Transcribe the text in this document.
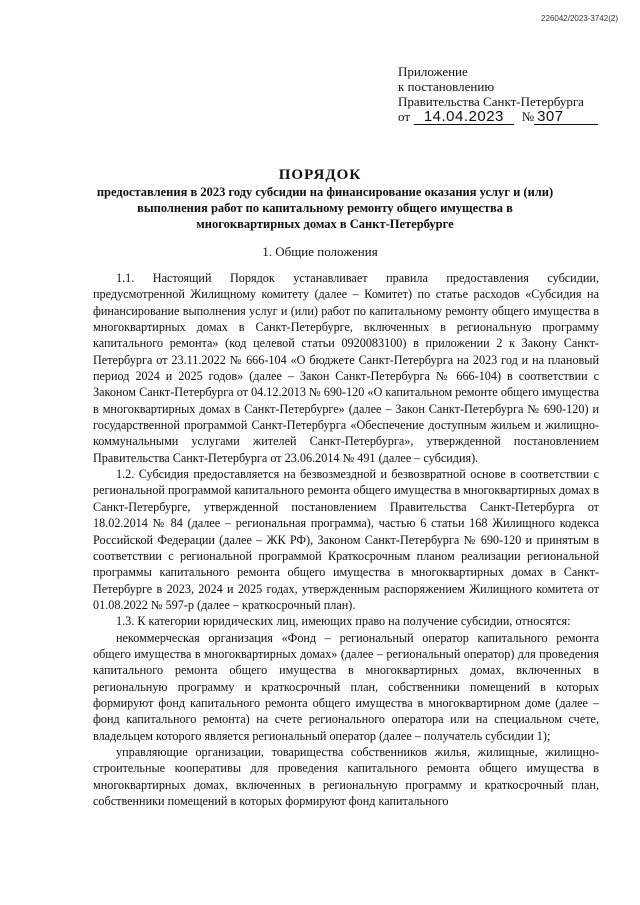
226042/2023-3742(2)
Приложение
к постановлению
Правительства Санкт-Петербурга
от 14.04.2023	№ 307
ПОРЯДОК
предоставления в 2023 году субсидии на финансирование оказания услуг и (или) выполнения работ по капитальному ремонту общего имущества в многоквартирных домах в Санкт-Петербурге
1. Общие положения

1.1. Настоящий Порядок устанавливает правила предоставления субсидии, предусмотренной Жилищному комитету (далее – Комитет) по статье расходов «Субсидия на финансирование выполнения услуг и (или) работ по капитальному ремонту общего имущества в многоквартирных домах в Санкт-Петербурге, включенных в региональную программу капитального ремонта» (код целевой статьи 0920083100) в приложении 2 к Закону Санкт-Петербурга от 23.11.2022 № 666-104 «О бюджете Санкт-Петербурга на 2023 год и на плановый период 2024 и 2025 годов» (далее – Закон Санкт-Петербурга № 666-104) в соответствии с Законом Санкт-Петербурга от 04.12.2013 № 690-120 «О капитальном ремонте общего имущества в многоквартирных домах в Санкт-Петербурге» (далее – Закон Санкт-Петербурга № 690-120) и государственной программой Санкт-Петербурга «Обеспечение доступным жильем и жилищно-коммунальными услугами жителей Санкт-Петербурга», утвержденной постановлением Правительства Санкт-Петербурга от 23.06.2014 № 491 (далее – субсидия).

1.2. Субсидия предоставляется на безвозмездной и безвозвратной основе в соответствии с региональной программой капитального ремонта общего имущества в многоквартирных домах в Санкт-Петербурге, утвержденной постановлением Правительства Санкт-Петербурга от 18.02.2014 № 84 (далее – региональная программа), частью 6 статьи 168 Жилищного кодекса Российской Федерации (далее – ЖК РФ), Законом Санкт-Петербурга № 690-120 и принятым в соответствии с региональной программой Краткосрочным планом реализации региональной программы капитального ремонта общего имущества в многоквартирных домах в Санкт-Петербурге в 2023, 2024 и 2025 годах, утвержденным распоряжением Жилищного комитета от 01.08.2022 № 597-р (далее – краткосрочный план).

1.3. К категории юридических лиц, имеющих право на получение субсидии, относятся:

некоммерческая организация «Фонд – региональный оператор капитального ремонта общего имущества в многоквартирных домах» (далее – региональный оператор) для проведения капитального ремонта общего имущества в многоквартирных домах, включенных в региональную программу и краткосрочный план, собственники помещений в которых формируют фонд капитального ремонта общего имущества в многоквартирном доме (далее – фонд капитального ремонта) на счете регионального оператора или на специальном счете, владельцем которого является региональный оператор (далее – получатель субсидии 1);

управляющие организации, товарищества собственников жилья, жилищные, жилищно-строительные кооперативы для проведения капитального ремонта общего имущества в многоквартирных домах, включенных в региональную программу и краткосрочный план, собственники помещений в которых формируют фонд капитального
